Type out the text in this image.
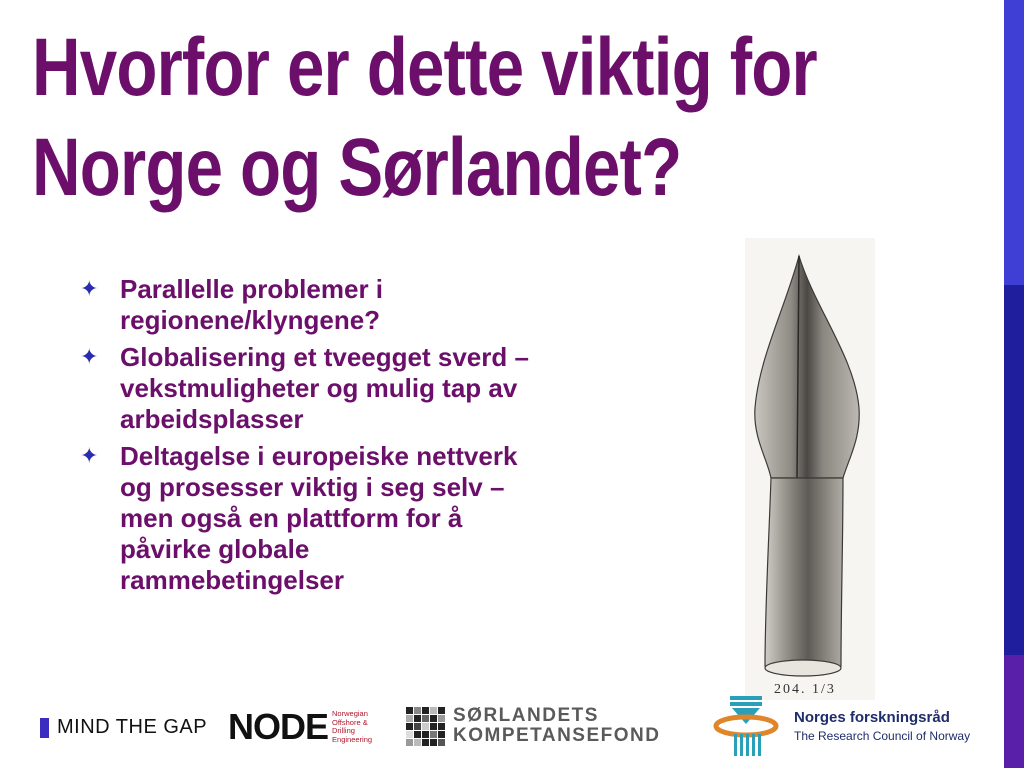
Hvorfor er dette viktig for
Norge og Sørlandet?
✦ Parallelle problemer i
regionene/klyngene?
✦ Globalisering et tveegget sverd –
vekstmuligheter og mulig tap av
arbeidsplasser
✦ Deltagelse i europeiske nettverk
og prosesser viktig i seg selv –
men også en plattform for å
påvirke globale
rammebetingelser
204. 1/3
MIND THE GAP NODE Norwegian
Offshore &
Drilling
Engineering
SØRLANDETS
KOMPETANSEFOND
Norges forskningsråd
The Research Council of Norway
